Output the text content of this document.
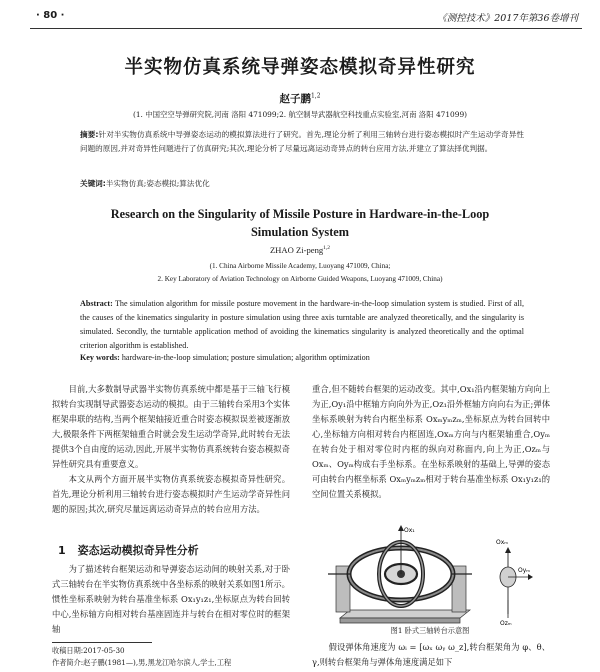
· 80 ·	《测控技术》2017年第36卷增刊
半实物仿真系统导弹姿态模拟奇异性研究
赵子鹏$^{1,2}$
(1. 中国空空导弹研究院,河南 洛阳 471099;2. 航空制导武器航空科技重点实验室,河南 洛阳 471099)
摘要:针对半实物仿真系统中导弹姿态运动的模拟算法进行了研究。首先,理论分析了利用三轴转台进行姿态模拟时产生运动学奇异性问题的原因,并对奇异性问题进行了仿真研究;其次,理论分析了尽量远离运动奇异点的转台应用方法,并建立了算法择优判据。
关键词:半实物仿真;姿态模拟;算法优化
Research on the Singularity of Missile Posture in Hardware-in-the-Loop
Simulation System
ZHAO Zi-peng$^{1,2}$
(1. China Airborne Missile Academy, Luoyang 471009, China;
2. Key Laboratory of Aviation Technology on Airborne Guided Weapons, Luoyang 471009, China)
Abstract: The simulation algorithm for missile posture movement in the hardware-in-the-loop simulation system is studied. First of all, the causes of the kinematics singularity in posture simulation using three axis turntable are analyzed theoretically, and the singularity is simulated. Secondly, the turntable application method of avoiding the kinematics singularity is analyzed theoretically and the optimal criterion algorithm is established.
Key words: hardware-in-the-loop simulation; posture simulation; algorithm optimization

目前,大多数制导武器半实物仿真系统中都是基于三轴飞行模拟转台实现制导武器姿态运动的模拟。由于三轴转台采用3个实体框架串联的结构,当两个框架轴接近重合时姿态模拟误差被逐渐放大,极限条件下两框架轴重合时就会发生运动学奇异,此时转台无法提供3个自由度的运动,因此,开展半实物仿真系统转台姿态模拟奇异性研究具有重要意义。

本文从两个方面开展半实物仿真系统姿态模拟奇异性研究。首先,理论分析利用三轴转台进行姿态模拟时产生运动学奇异性问题的原因;其次,研究尽量远离运动奇异点的转台应用方法。

1 姿态运动模拟奇异性分析

为了描述转台框架运动和导弹姿态运动间的映射关系,对于卧式三轴转台在半实物仿真系统中各坐标系的映射关系如图1所示。惯性坐标系映射为转台基准坐标系 Ox₁y₁z₁,坐标原点为转台回转中心,坐标轴方向相对转台基座固连并与转台在相对零位时的框架轴

收稿日期:2017-05-30
作者简介:赵子鹏(1981—),男,黑龙江哈尔滨人,学士,工程

重合,但不随转台框架的运动改变。其中,Ox₁沿内框架轴方向向上为正,Oy₁沿中框轴方向向外为正,Oz₁沿外框轴方向向右为正;弹体坐标系映射为转台内框坐标系 Oxₘyₘzₘ,坐标原点为转台回转中心,坐标轴方向相对转台内框固连,Oxₘ方向与内框架轴重合,Oyₘ在转台处于相对零位时内框的纵向对称面内,向上为正,Ozₘ与Oxₘ、Oyₘ构成右手坐标系。在坐标系映射的基础上,导弹的姿态可由转台内框坐标系 Oxₘyₘzₘ相对于转台基准坐标系 Ox₁y₁z₁的空间位置关系模拟。

Ox₁
Oxₘ
Oyₘ
Ozₘ
图1 卧式三轴转台示意图

假设弹体角速度为 ωᵢ = [ωₓ ωᵧ ω_z],转台框架角为 φ、θ、γ,则转台框架角与弹体角速度满足如下
